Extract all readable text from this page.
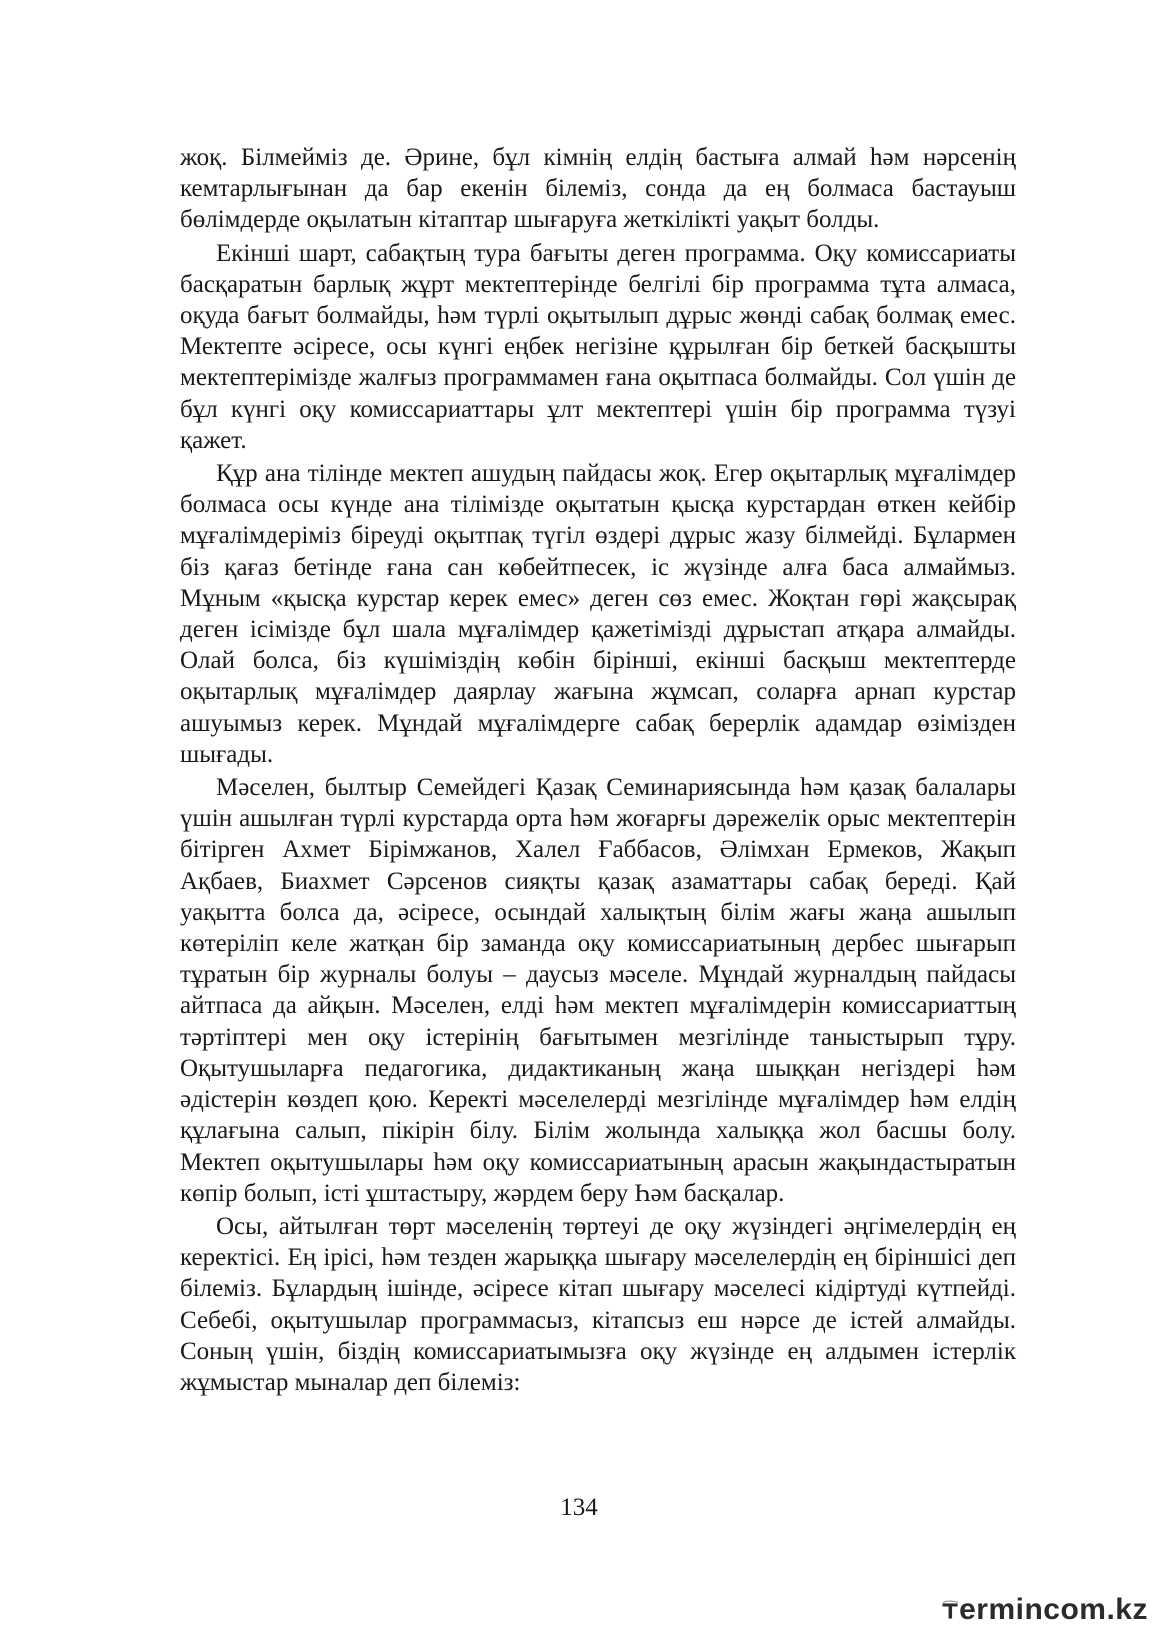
жоқ. Білмейміз де. Әрине, бұл кімнің елдің бастыға алмай һәм нәрсенің кемтарлығынан да бар екенін білеміз, сонда да ең болмаса бастауыш бөлімдерде оқылатын кітаптар шығаруға жеткілікті уақыт болды.

Екінші шарт, сабақтың тура бағыты деген программа. Оқу комиссариаты басқаратын барлық жұрт мектептерінде белгілі бір программа тұта алмаса, оқуда бағыт болмайды, һәм түрлі оқытылып дұрыс жөнді сабақ болмақ емес. Мектепте әсіресе, осы күнгі еңбек негізіне құрылған бір беткей басқышты мектептерімізде жалғыз программамен ғана оқытпаса болмайды. Сол үшін де бұл күнгі оқу комиссариаттары ұлт мектептері үшін бір программа түзуі қажет.

Құр ана тілінде мектеп ашудың пайдасы жоқ. Егер оқытарлық мұғалімдер болмаса осы күнде ана тілімізде оқытатын қысқа курстардан өткен кейбір мұғалімдеріміз біреуді оқытпақ түгіл өздері дұрыс жазу білмейді. Бұлармен біз қағаз бетінде ғана сан көбейтпесек, іс жүзінде алға баса алмаймыз. Мұным «қысқа курстар керек емес» деген сөз емес. Жоқтан гөрі жақсырақ деген ісімізде бұл шала мұғалімдер қажетімізді дұрыстап атқара алмайды. Олай болса, біз күшіміздің көбін бірінші, екінші басқыш мектептерде оқытарлық мұғалімдер даярлау жағына жұмсап, соларға арнап курстар ашуымыз керек. Мұндай мұғалімдерге сабақ берерлік адамдар өзімізден шығады.

Мәселен, былтыр Семейдегі Қазақ Семинариясында һәм қазақ балалары үшін ашылған түрлі курстарда орта һәм жоғарғы дәрежелік орыс мектептерін бітірген Ахмет Бірімжанов, Халел Ғаббасов, Әлімхан Ермеков, Жақып Ақбаев, Биахмет Сәрсенов сияқты қазақ азаматтары сабақ береді. Қай уақытта болса да, әсіресе, осындай халықтың білім жағы жаңа ашылып көтеріліп келе жатқан бір заманда оқу комиссариатының дербес шығарып тұратын бір журналы болуы – даусыз мәселе. Мұндай журналдың пайдасы айтпаса да айқын. Мәселен, елді һәм мектеп мұғалімдерін комиссариаттың тәртіптері мен оқу істерінің бағытымен мезгілінде таныстырып тұру. Оқытушыларға педагогика, дидактиканың жаңа шыққан негіздері һәм әдістерін көздеп қою. Керекті мәселелерді мезгілінде мұғалімдер һәм елдің құлағына салып, пікірін білу. Білім жолында халыққа жол басшы болу. Мектеп оқытушылары һәм оқу комиссариатының арасын жақындастыратын көпір болып, істі ұштастыру, жәрдем беру Һәм басқалар.

Осы, айтылған төрт мәселенің төртеуі де оқу жүзіндегі әңгімелердің ең керектісі. Ең ірісі, һәм тезден жарыққа шығару мәселелердің ең біріншісі деп білеміз. Бұлардың ішінде, әсіресе кітап шығару мәселесі кідіртуді күтпейді. Себебі, оқытушылар программасыз, кітапсыз еш нәрсе де істей алмайды. Соның үшін, біздің комиссариатымызға оқу жүзінде ең алдымен істерлік жұмыстар мыналар деп білеміз:

134
ermincom.kz
